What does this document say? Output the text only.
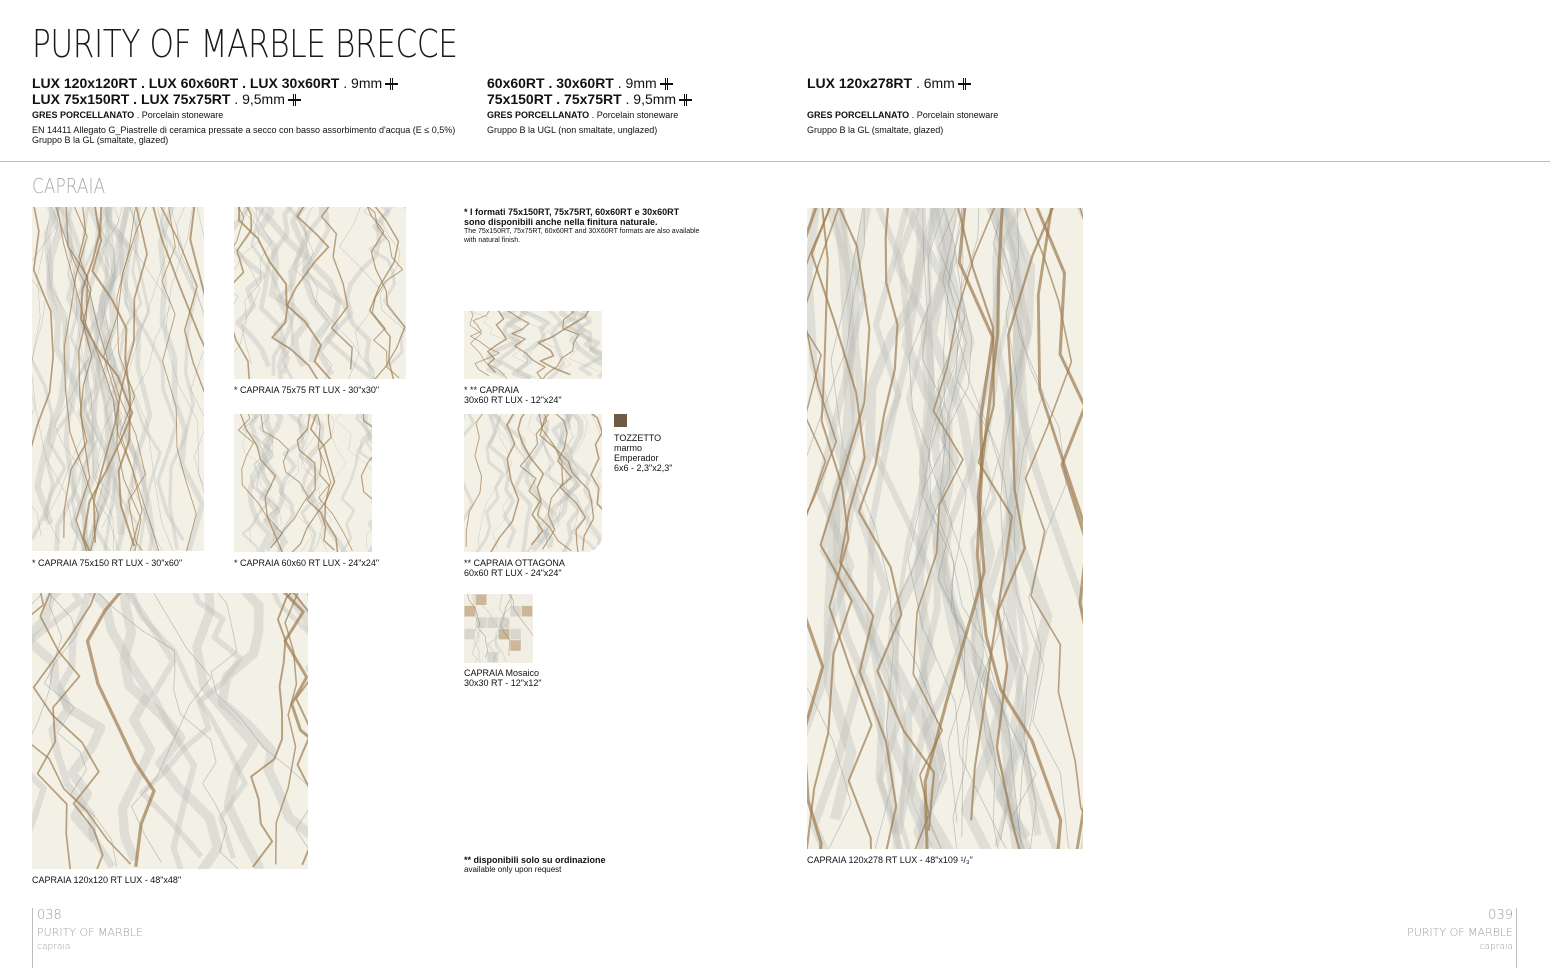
PURITY OF MARBLE BRECCE
LUX 120x120RT . LUX 60x60RT . LUX 30x60RT . 9mm
LUX 75x150RT . LUX 75x75RT . 9,5mm
GRES PORCELLANATO . Porcelain stoneware
EN 14411 Allegato G_Piastrelle di ceramica pressate a secco con basso assorbimento d'acqua (E ≤ 0,5%)
Gruppo B la GL (smaltate, glazed)
60x60RT . 30x60RT . 9mm
75x150RT . 75x75RT . 9,5mm
GRES PORCELLANATO . Porcelain stoneware
Gruppo B la UGL (non smaltate, unglazed)
LUX 120x278RT . 6mm
GRES PORCELLANATO . Porcelain stoneware
Gruppo B la GL (smaltate, glazed)
CAPRAIA
* CAPRAIA 75x150 RT LUX - 30"x60"
* CAPRAIA 75x75 RT LUX - 30"x30"
* CAPRAIA 60x60 RT LUX - 24"x24"
CAPRAIA 120x120 RT LUX - 48"x48"
* I formati 75x150RT, 75x75RT, 60x60RT e 30x60RT
sono disponibili anche nella finitura naturale.
The 75x150RT, 75x75RT, 60x60RT and 30X60RT formats are also available
with natural finish.
* ** CAPRAIA
30x60 RT LUX - 12"x24"
** CAPRAIA OTTAGONA
60x60 RT LUX - 24"x24"
TOZZETTO
marmo
Emperador
6x6 - 2,3"x2,3"
CAPRAIA Mosaico
30x30 RT - 12"x12"
** disponibili solo su ordinazione
available only upon request
CAPRAIA 120x278 RT LUX - 48"x109 ¹/₃"
038
PURITY OF MARBLE
capraia
039
PURITY OF MARBLE
capraia
